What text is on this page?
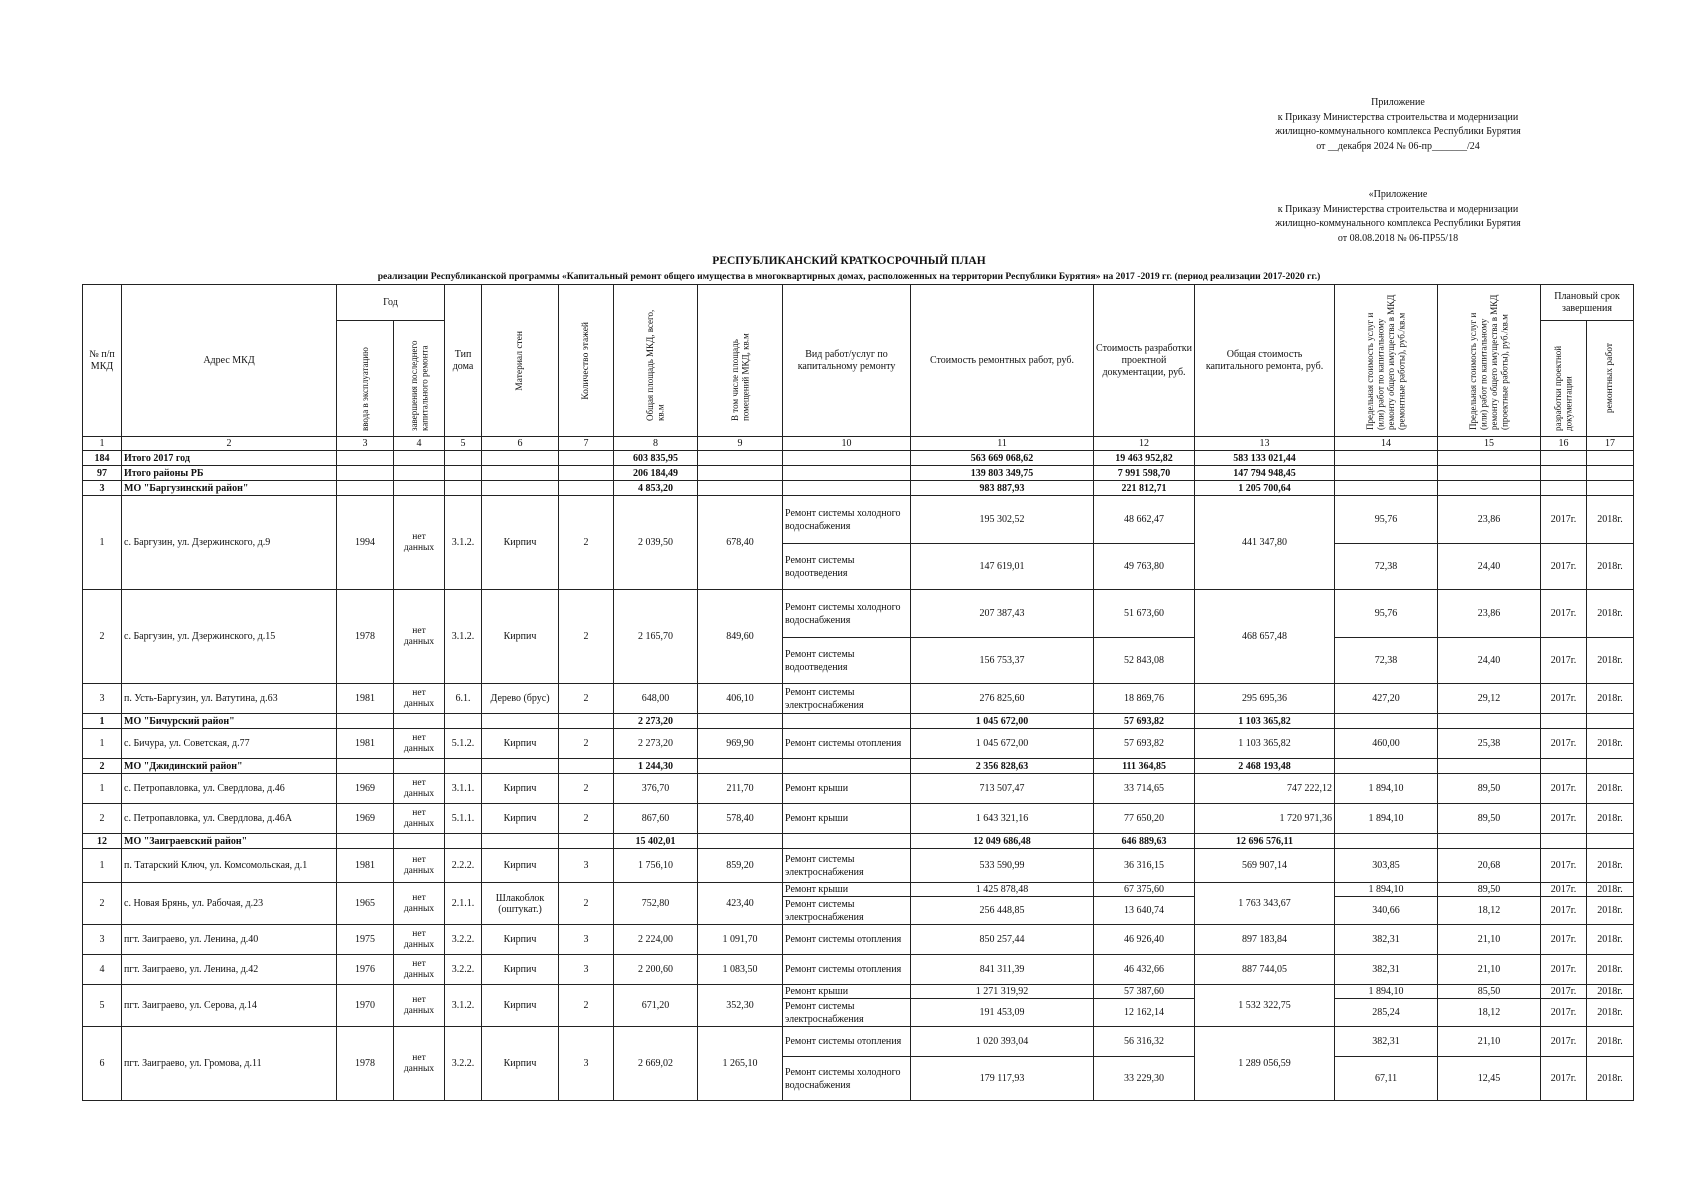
Приложение
к Приказу Министерства строительства и модернизации
жилищно-коммунального комплекса Республики Бурятия
от __декабря 2024 № 06-пр_______/24
«Приложение
к Приказу Министерства строительства и модернизации
жилищно-коммунального комплекса Республики Бурятия
от 08.08.2018 № 06-ПР55/18
РЕСПУБЛИКАНСКИЙ КРАТКОСРОЧНЫЙ ПЛАН
реализации Республиканской программы «Капитальный ремонт общего имущества в многоквартирных домах, расположенных на территории Республики Бурятия» на 2017 -2019 гг. (период реализации 2017-2020 гг.)
№ п/п МКД	Адрес МКД	Год		Тип дома	Материал стен	Количество этажей	Общая площадь МКД, всего, кв.м	В том числе площадь помещений МКД, кв.м	Вид работ/услуг по капитальному ремонту	Стоимость ремонтных работ, руб.	Стоимость разработки проектной документации, руб.	Общая стоимость капитального ремонта, руб.	Предельная стоимость услуг и (или) работ по капитальному ремонту общего имущества в МКД (ремонтные работы), руб./кв.м	Предельная стоимость услуг и (или) работ по капитальному ремонту общего имущества в МКД (проектные работы), руб./кв.м	Плановый срок завершения	

		ввода в эксплуатацию	завершения последнего капитального ремонта												разработки проектной документации	ремонтных работ

1	2	3	4	5	6	7	8	9	10	11	12	13	14	15	16	17
184	Итого 2017 год						603 835,95			563 669 068,62	19 463 952,82	583 133 021,44				
97	Итого районы РБ						206 184,49			139 803 349,75	7 991 598,70	147 794 948,45				
3	МО "Баргузинский район"						4 853,20			983 887,93	221 812,71	1 205 700,64				
1	с. Баргузин, ул. Дзержинского, д.9	1994	нет данных	3.1.2.	Кирпич	2	2 039,50	678,40	Ремонт системы холодного водоснабжения	195 302,52	48 662,47	441 347,80	95,76	23,86	2017г.	2018г.
									Ремонт системы водоотведения	147 619,01	49 763,80		72,38	24,40	2017г.	2018г.
2	с. Баргузин, ул. Дзержинского, д.15	1978	нет данных	3.1.2.	Кирпич	2	2 165,70	849,60	Ремонт системы холодного водоснабжения	207 387,43	51 673,60	468 657,48	95,76	23,86	2017г.	2018г.
									Ремонт системы водоотведения	156 753,37	52 843,08		72,38	24,40	2017г.	2018г.
3	п. Усть-Баргузин, ул. Ватутина, д.63	1981	нет данных	6.1.	Дерево (брус)	2	648,00	406,10	Ремонт системы электроснабжения	276 825,60	18 869,76	295 695,36	427,20	29,12	2017г.	2018г.
1	МО "Бичурский район"						2 273,20			1 045 672,00	57 693,82	1 103 365,82				
1	с. Бичура, ул. Советская, д.77	1981	нет данных	5.1.2.	Кирпич	2	2 273,20	969,90	Ремонт системы отопления	1 045 672,00	57 693,82	1 103 365,82	460,00	25,38	2017г.	2018г.
2	МО "Джидинский район"						1 244,30			2 356 828,63	111 364,85	2 468 193,48				
1	с. Петропавловка, ул. Свердлова, д.46	1969	нет данных	3.1.1.	Кирпич	2	376,70	211,70	Ремонт крыши	713 507,47	33 714,65	747 222,12	1 894,10	89,50	2017г.	2018г.
2	с. Петропавловка, ул. Свердлова, д.46А	1969	нет данных	5.1.1.	Кирпич	2	867,60	578,40	Ремонт крыши	1 643 321,16	77 650,20	1 720 971,36	1 894,10	89,50	2017г.	2018г.
12	МО "Заиграевский район"						15 402,01			12 049 686,48	646 889,63	12 696 576,11				
1	п. Татарский Ключ, ул. Комсомольская, д.1	1981	нет данных	2.2.2.	Кирпич	3	1 756,10	859,20	Ремонт системы электроснабжения	533 590,99	36 316,15	569 907,14	303,85	20,68	2017г.	2018г.
2	с. Новая Брянь, ул. Рабочая, д.23	1965	нет данных	2.1.1.	Шлакоблок (оштукат.)	2	752,80	423,40	Ремонт крыши	1 425 878,48	67 375,60	1 763 343,67	1 894,10	89,50	2017г.	2018г.
									Ремонт системы электроснабжения	256 448,85	13 640,74		340,66	18,12	2017г.	2018г.
3	пгт. Заиграево, ул. Ленина, д.40	1975	нет данных	3.2.2.	Кирпич	3	2 224,00	1 091,70	Ремонт системы отопления	850 257,44	46 926,40	897 183,84	382,31	21,10	2017г.	2018г.
4	пгт. Заиграево, ул. Ленина, д.42	1976	нет данных	3.2.2.	Кирпич	3	2 200,60	1 083,50	Ремонт системы отопления	841 311,39	46 432,66	887 744,05	382,31	21,10	2017г.	2018г.
5	пгт. Заиграево, ул. Серова, д.14	1970	нет данных	3.1.2.	Кирпич	2	671,20	352,30	Ремонт крыши	1 271 319,92	57 387,60	1 532 322,75	1 894,10	85,50	2017г.	2018г.
									Ремонт системы электроснабжения	191 453,09	12 162,14		285,24	18,12	2017г.	2018г.
6	пгт. Заиграево, ул. Громова, д.11	1978	нет данных	3.2.2.	Кирпич	3	2 669,02	1 265,10	Ремонт системы отопления	1 020 393,04	56 316,32	1 289 056,59	382,31	21,10	2017г.	2018г.
									Ремонт системы холодного водоснабжения	179 117,93	33 229,30		67,11	12,45	2017г.	2018г.
